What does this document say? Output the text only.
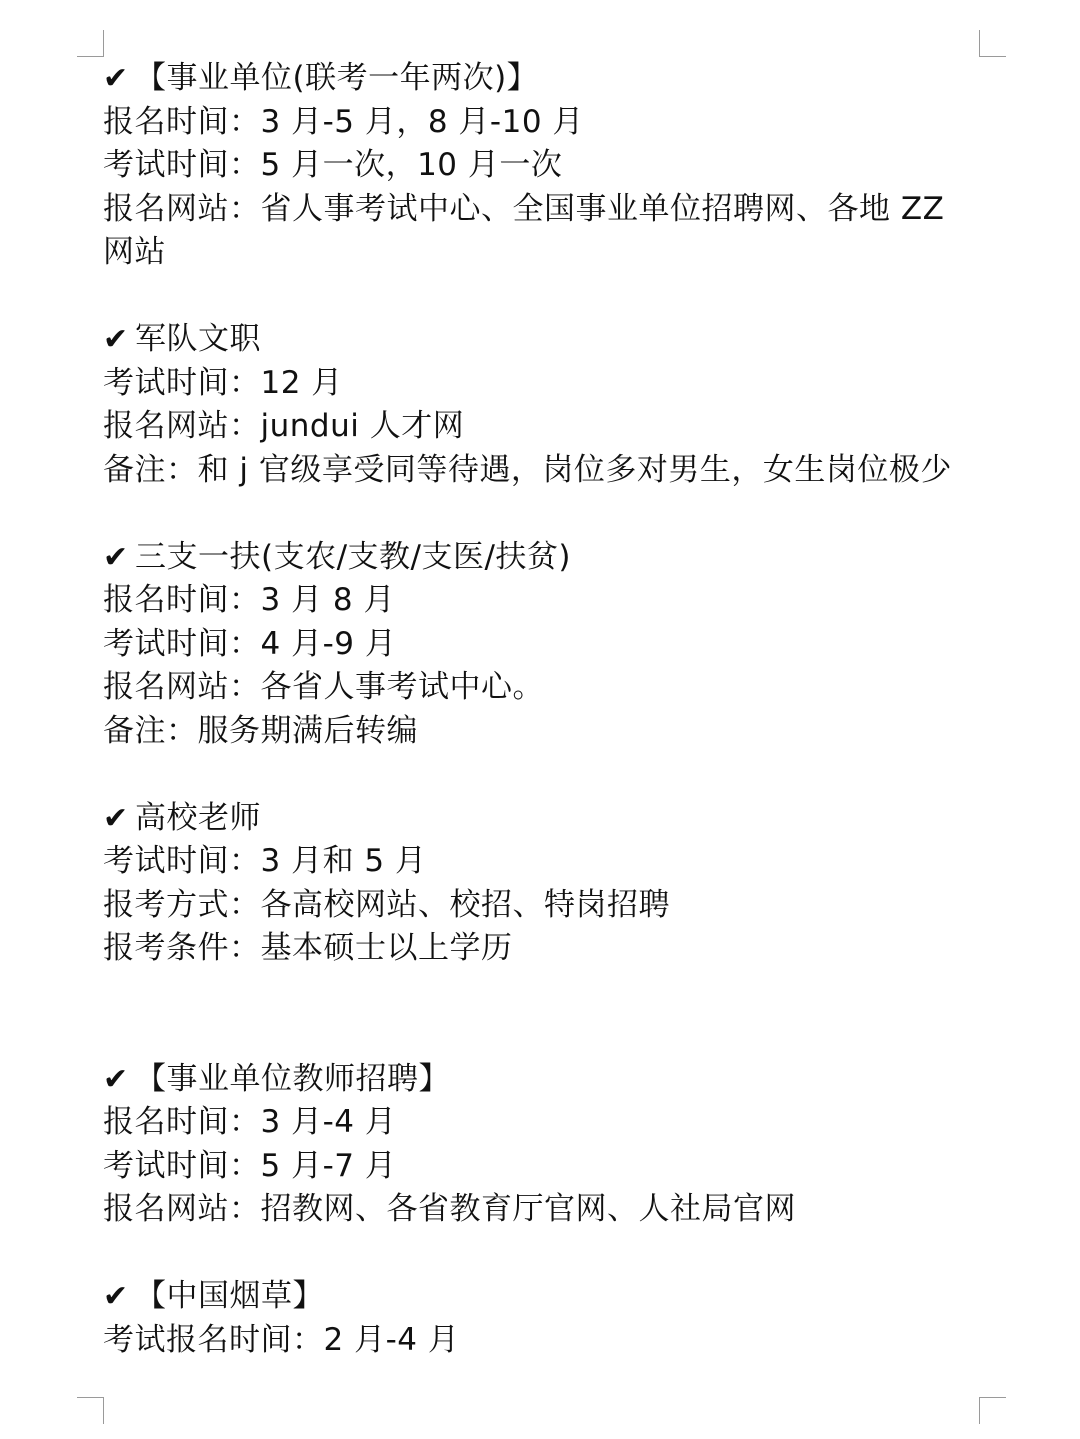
✔ 【事业单位(联考一年两次)】
报名时间：3 月-5 月，8 月-10 月
考试时间：5 月一次，10 月一次
报名网站：省人事考试中心、全国事业单位招聘网、各地 ZZ
网站
✔ 军队文职
考试时间：12 月
报名网站：jundui 人才网
备注：和 j 官级享受同等待遇，岗位多对男生，女生岗位极少
✔ 三支一扶(支农/支教/支医/扶贫)
报名时间：3 月 8 月
考试时间：4 月-9 月
报名网站：各省人事考试中心。
备注：服务期满后转编
✔ 高校老师
考试时间：3 月和 5 月
报考方式：各高校网站、校招、特岗招聘
报考条件：基本硕士以上学历
✔ 【事业单位教师招聘】
报名时间：3 月-4 月
考试时间：5 月-7 月
报名网站：招教网、各省教育厅官网、人社局官网
✔ 【中国烟草】
考试报名时间：2 月-4 月
